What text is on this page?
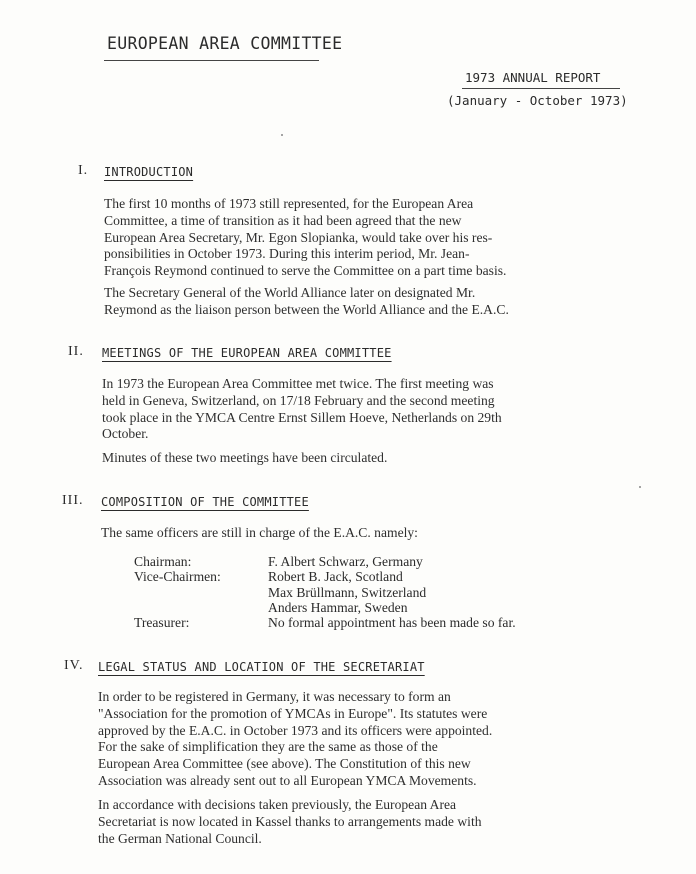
EUROPEAN AREA COMMITTEE
1973 ANNUAL REPORT
(January - October 1973)
I. INTRODUCTION
The first 10 months of 1973 still represented, for the European Area
Committee, a time of transition as it had been agreed that the new
European Area Secretary, Mr. Egon Slopianka, would take over his res-
ponsibilities in October 1973. During this interim period, Mr. Jean-
François Reymond continued to serve the Committee on a part time basis.
The Secretary General of the World Alliance later on designated Mr.
Reymond as the liaison person between the World Alliance and the E.A.C.
II. MEETINGS OF THE EUROPEAN AREA COMMITTEE
In 1973 the European Area Committee met twice. The first meeting was
held in Geneva, Switzerland, on 17/18 February and the second meeting
took place in the YMCA Centre Ernst Sillem Hoeve, Netherlands on 29th
October.
Minutes of these two meetings have been circulated.
III. COMPOSITION OF THE COMMITTEE
The same officers are still in charge of the E.A.C. namely:
Chairman:	F. Albert Schwarz, Germany
Vice-Chairmen:	Robert B. Jack, Scotland
Max Brüllmann, Switzerland
Anders Hammar, Sweden
Treasurer:	No formal appointment has been made so far.
IV. LEGAL STATUS AND LOCATION OF THE SECRETARIAT
In order to be registered in Germany, it was necessary to form an
"Association for the promotion of YMCAs in Europe". Its statutes were
approved by the E.A.C. in October 1973 and its officers were appointed.
For the sake of simplification they are the same as those of the
European Area Committee (see above). The Constitution of this new
Association was already sent out to all European YMCA Movements.
In accordance with decisions taken previously, the European Area
Secretariat is now located in Kassel thanks to arrangements made with
the German National Council.
